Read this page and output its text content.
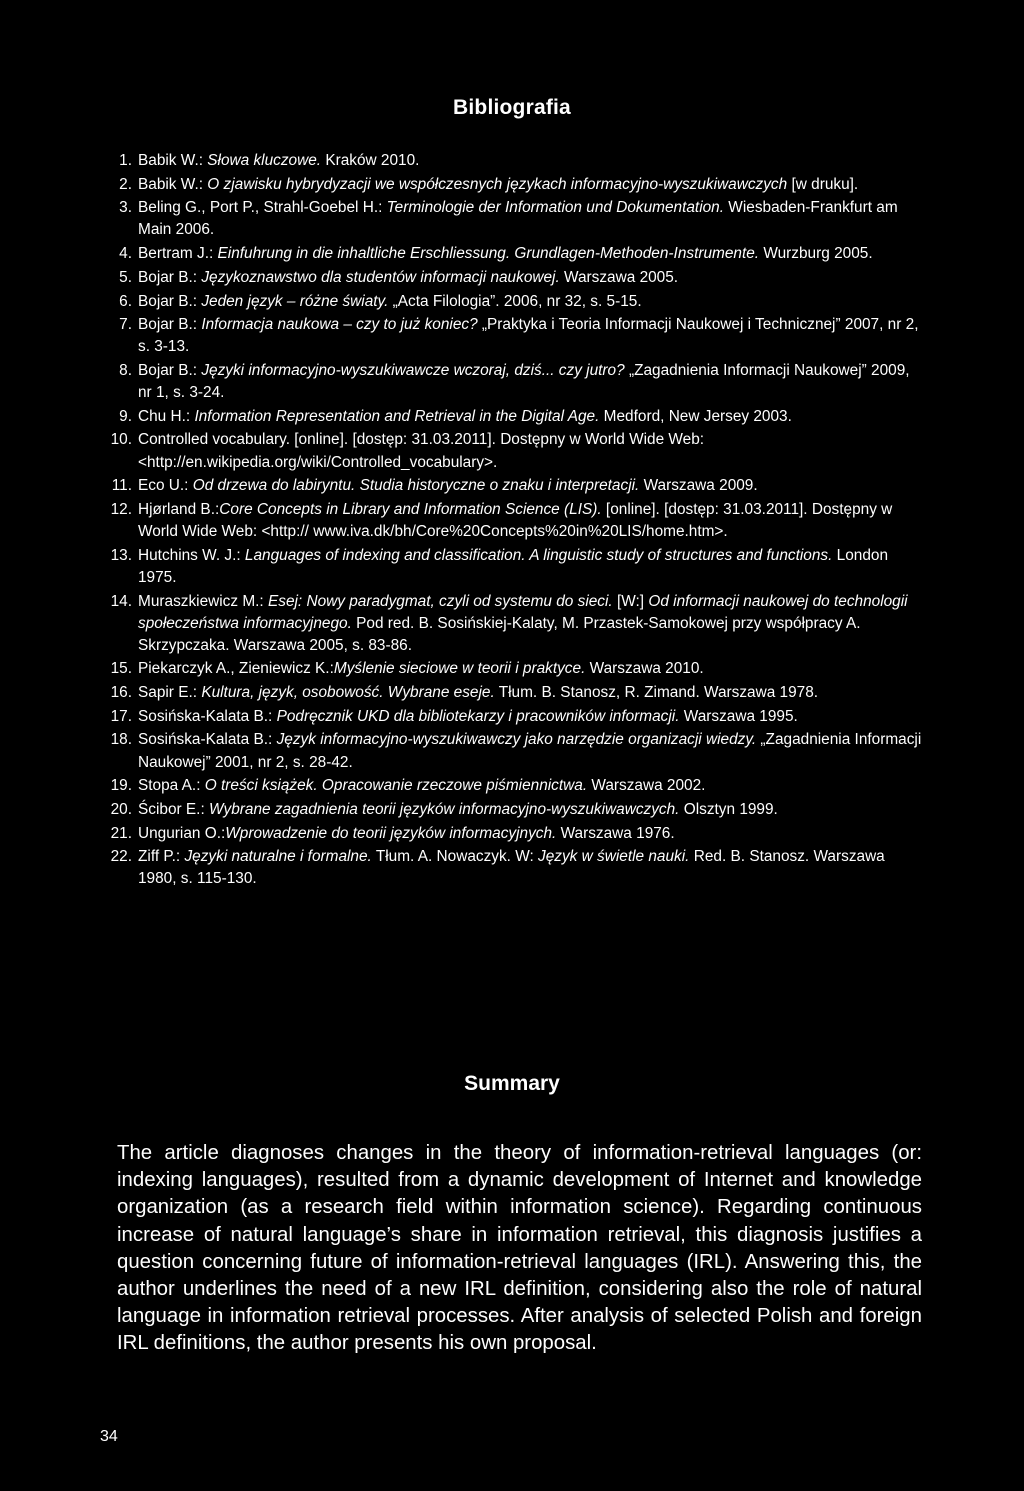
Bibliografia
1. Babik W.: Słowa kluczowe. Kraków 2010.
2. Babik W.: O zjawisku hybrydyzacji we współczesnych językach informacyjno-wyszukiwawczych [w druku].
3. Beling G., Port P., Strahl-Goebel H.: Terminologie der Information und Dokumentation. Wiesbaden-Frankfurt am Main 2006.
4. Bertram J.: Einfuhrung in die inhaltliche Erschliessung. Grundlagen-Methoden-Instrumente. Wurzburg 2005.
5. Bojar B.: Językoznawstwo dla studentów informacji naukowej. Warszawa 2005.
6. Bojar B.: Jeden język – różne światy. „Acta Filologia”. 2006, nr 32, s. 5-15.
7. Bojar B.: Informacja naukowa – czy to już koniec? „Praktyka i Teoria Informacji Naukowej i Technicznej” 2007, nr 2, s. 3-13.
8. Bojar B.: Języki informacyjno-wyszukiwawcze wczoraj, dziś... czy jutro? „Zagadnienia Informacji Naukowej” 2009, nr 1, s. 3-24.
9. Chu H.: Information Representation and Retrieval in the Digital Age. Medford, New Jersey 2003.
10. Controlled vocabulary. [online]. [dostęp: 31.03.2011]. Dostępny w World Wide Web: <http://en.wikipedia.org/wiki/Controlled_vocabulary>.
11. Eco U.: Od drzewa do labiryntu. Studia historyczne o znaku i interpretacji. Warszawa 2009.
12. Hjørland B.:Core Concepts in Library and Information Science (LIS). [online]. [dostęp: 31.03.2011]. Dostępny w World Wide Web: <http:// www.iva.dk/bh/Core%20Concepts%20in%20LIS/home.htm>.
13. Hutchins W. J.: Languages of indexing and classification. A linguistic study of structures and functions. London 1975.
14. Muraszkiewicz M.: Esej: Nowy paradygmat, czyli od systemu do sieci. [W:] Od informacji naukowej do technologii społeczeństwa informacyjnego. Pod red. B. Sosińskiej-Kalaty, M. Przastek-Samokowej przy współpracy A. Skrzypczaka. Warszawa 2005, s. 83-86.
15. Piekarczyk A., Zieniewicz K.:Myślenie sieciowe w teorii i praktyce. Warszawa 2010.
16. Sapir E.: Kultura, język, osobowość. Wybrane eseje. Tłum. B. Stanosz, R. Zimand. Warszawa 1978.
17. Sosińska-Kalata B.: Podręcznik UKD dla bibliotekarzy i pracowników informacji. Warszawa 1995.
18. Sosińska-Kalata B.: Język informacyjno-wyszukiwawczy jako narzędzie organizacji wiedzy. „Zagadnienia Informacji Naukowej” 2001, nr 2, s. 28-42.
19. Stopa A.: O treści książek. Opracowanie rzeczowe piśmiennictwa. Warszawa 2002.
20. Ścibor E.: Wybrane zagadnienia teorii języków informacyjno-wyszukiwawczych. Olsztyn 1999.
21. Ungurian O.:Wprowadzenie do teorii języków informacyjnych. Warszawa 1976.
22. Ziff P.: Języki naturalne i formalne. Tłum. A. Nowaczyk. W: Język w świetle nauki. Red. B. Stanosz. Warszawa 1980, s. 115-130.
Summary

The article diagnoses changes in the theory of information-retrieval languages (or: indexing languages), resulted from a dynamic development of Internet and knowledge organization (as a research field within information science). Regarding continuous increase of natural language’s share in information retrieval, this diagnosis justifies a question concerning future of information-retrieval languages (IRL). Answering this, the author underlines the need of a new IRL definition, considering also the role of natural language in information retrieval processes. After analysis of selected Polish and foreign IRL definitions, the author presents his own proposal.

34
